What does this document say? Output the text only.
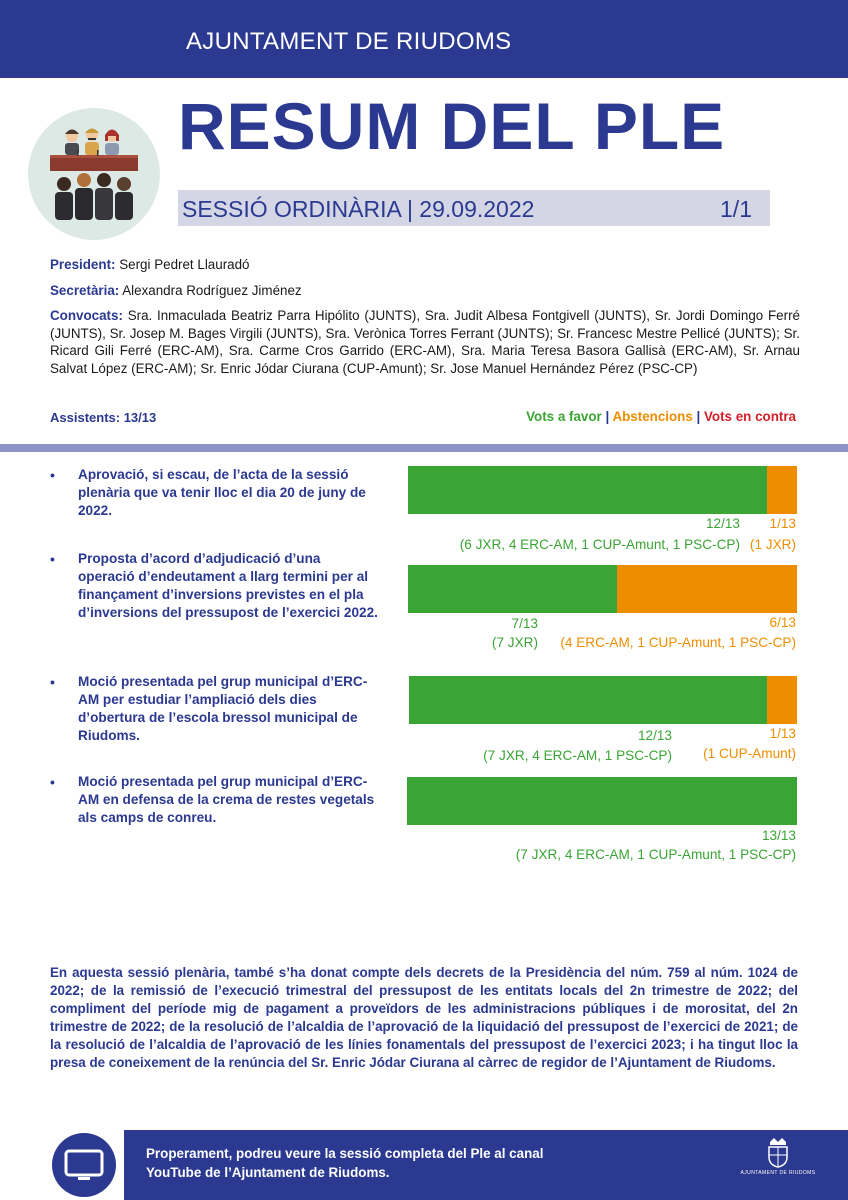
AJUNTAMENT DE RIUDOMS
RESUM DEL PLE
SESSIÓ ORDINÀRIA | 29.09.2022	1/1
President: Sergi Pedret Llauradó
Secretària: Alexandra Rodríguez Jiménez
Convocats: Sra. Inmaculada Beatriz Parra Hipólito (JUNTS), Sra. Judit Albesa Fontgivell (JUNTS), Sr. Jordi Domingo Ferré (JUNTS), Sr. Josep M. Bages Virgili (JUNTS), Sra. Verònica Torres Ferrant (JUNTS); Sr. Francesc Mestre Pellicé (JUNTS); Sr. Ricard Gili Ferré (ERC-AM), Sra. Carme Cros Garrido (ERC-AM), Sra. Maria Teresa Basora Gallisà (ERC-AM), Sr. Arnau Salvat López (ERC-AM); Sr. Enric Jódar Ciurana (CUP-Amunt); Sr. Jose Manuel Hernández Pérez (PSC-CP)
Assistents: 13/13	Vots a favor | Abstencions | Vots en contra
• Aprovació, si escau, de l’acta de la sessió plenària que va tenir lloc el dia 20 de juny de 2022.
12/13 1/13
(6 JXR, 4 ERC-AM, 1 CUP-Amunt, 1 PSC-CP) (1 JXR)
• Proposta d’acord d’adjudicació d’una operació d’endeutament a llarg termini per al finançament d’inversions previstes en el pla d’inversions del pressupost de l’exercici 2022.
7/13	6/13
(7 JXR) (4 ERC-AM, 1 CUP-Amunt, 1 PSC-CP)
• Moció presentada pel grup municipal d’ERC-AM per estudiar l’ampliació dels dies d’obertura de l’escola bressol municipal de Riudoms.	12/13	1/13
(7 JXR, 4 ERC-AM, 1 PSC-CP) (1 CUP-Amunt)
• Moció presentada pel grup municipal d’ERC-AM en defensa de la crema de restes vegetals als camps de conreu.
13/13
(7 JXR, 4 ERC-AM, 1 CUP-Amunt, 1 PSC-CP)
En aquesta sessió plenària, també s’ha donat compte dels decrets de la Presidència del núm. 759 al núm. 1024 de 2022; de la remissió de l’execució trimestral del pressupost de les entitats locals del 2n trimestre de 2022; del compliment del període mig de pagament a proveïdors de les administracions públiques i de morositat, del 2n trimestre de 2022; de la resolució de l’alcaldia de l’aprovació de la liquidació del pressupost de l’exercici de 2021; de la resolució de l’alcaldia de l’aprovació de les línies fonamentals del pressupost de l’exercici 2023; i ha tingut lloc la presa de coneixement de la renúncia del Sr. Enric Jódar Ciurana al càrrec de regidor de l’Ajuntament de Riudoms.
Properament, podreu veure la sessió completa del Ple al canal YouTube de l’Ajuntament de Riudoms.	AJUNTAMENT DE RIUDOMS
